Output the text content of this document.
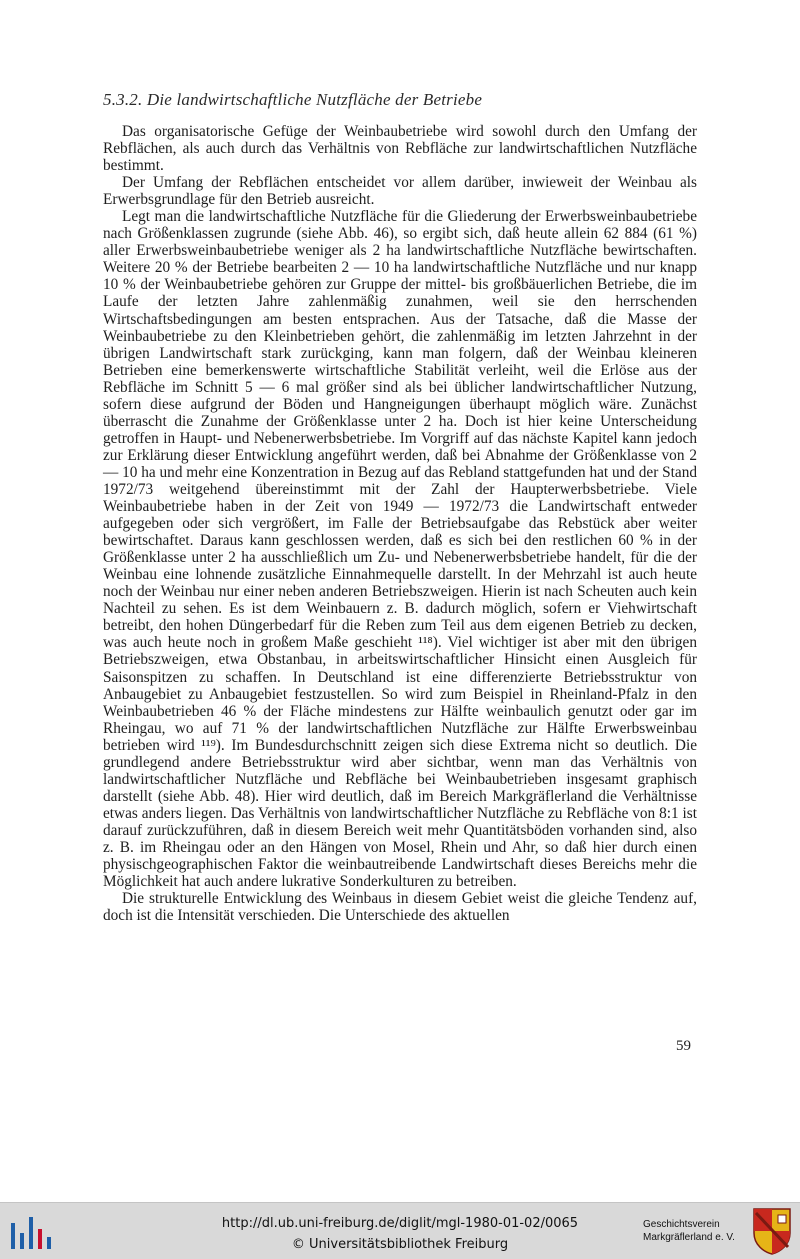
5.3.2. Die landwirtschaftliche Nutzfläche der Betriebe

Das organisatorische Gefüge der Weinbaubetriebe wird sowohl durch den Umfang der Rebflächen, als auch durch das Verhältnis von Rebfläche zur landwirtschaftlichen Nutzfläche bestimmt.

Der Umfang der Rebflächen entscheidet vor allem darüber, inwieweit der Weinbau als Erwerbsgrundlage für den Betrieb ausreicht.

Legt man die landwirtschaftliche Nutzfläche für die Gliederung der Erwerbsweinbaubetriebe nach Größenklassen zugrunde (siehe Abb. 46), so ergibt sich, daß heute allein 62 884 (61 %) aller Erwerbsweinbaubetriebe weniger als 2 ha landwirtschaftliche Nutzfläche bewirtschaften. Weitere 20 % der Betriebe bearbeiten 2 — 10 ha landwirtschaftliche Nutzfläche und nur knapp 10 % der Weinbaubetriebe gehören zur Gruppe der mittel- bis großbäuerlichen Betriebe, die im Laufe der letzten Jahre zahlenmäßig zunahmen, weil sie den herrschenden Wirtschaftsbedingungen am besten entsprachen. Aus der Tatsache, daß die Masse der Weinbaubetriebe zu den Kleinbetrieben gehört, die zahlenmäßig im letzten Jahrzehnt in der übrigen Landwirtschaft stark zurückging, kann man folgern, daß der Weinbau kleineren Betrieben eine bemerkenswerte wirtschaftliche Stabilität verleiht, weil die Erlöse aus der Rebfläche im Schnitt 5 — 6 mal größer sind als bei üblicher landwirtschaftlicher Nutzung, sofern diese aufgrund der Böden und Hangneigungen überhaupt möglich wäre. Zunächst überrascht die Zunahme der Größenklasse unter 2 ha. Doch ist hier keine Unterscheidung getroffen in Haupt- und Nebenerwerbsbetriebe. Im Vorgriff auf das nächste Kapitel kann jedoch zur Erklärung dieser Entwicklung angeführt werden, daß bei Abnahme der Größenklasse von 2 — 10 ha und mehr eine Konzentration in Bezug auf das Rebland stattgefunden hat und der Stand 1972/73 weitgehend übereinstimmt mit der Zahl der Haupterwerbsbetriebe. Viele Weinbaubetriebe haben in der Zeit von 1949 — 1972/73 die Landwirtschaft entweder aufgegeben oder sich vergrößert, im Falle der Betriebsaufgabe das Rebstück aber weiter bewirtschaftet. Daraus kann geschlossen werden, daß es sich bei den restlichen 60 % in der Größenklasse unter 2 ha ausschließlich um Zu- und Nebenerwerbsbetriebe handelt, für die der Weinbau eine lohnende zusätzliche Einnahmequelle darstellt. In der Mehrzahl ist auch heute noch der Weinbau nur einer neben anderen Betriebszweigen. Hierin ist nach Scheuten auch kein Nachteil zu sehen. Es ist dem Weinbauern z. B. dadurch möglich, sofern er Viehwirtschaft betreibt, den hohen Düngerbedarf für die Reben zum Teil aus dem eigenen Betrieb zu decken, was auch heute noch in großem Maße geschieht ¹¹⁸). Viel wichtiger ist aber mit den übrigen Betriebszweigen, etwa Obstanbau, in arbeitswirtschaftlicher Hinsicht einen Ausgleich für Saisonspitzen zu schaffen. In Deutschland ist eine differenzierte Betriebsstruktur von Anbaugebiet zu Anbaugebiet festzustellen. So wird zum Beispiel in Rheinland-Pfalz in den Weinbaubetrieben 46 % der Fläche mindestens zur Hälfte weinbaulich genutzt oder gar im Rheingau, wo auf 71 % der landwirtschaftlichen Nutzfläche zur Hälfte Erwerbsweinbau betrieben wird ¹¹⁹). Im Bundesdurchschnitt zeigen sich diese Extrema nicht so deutlich. Die grundlegend andere Betriebsstruktur wird aber sichtbar, wenn man das Verhältnis von landwirtschaftlicher Nutzfläche und Rebfläche bei Weinbaubetrieben insgesamt graphisch darstellt (siehe Abb. 48). Hier wird deutlich, daß im Bereich Markgräflerland die Verhältnisse etwas anders liegen. Das Verhältnis von landwirtschaftlicher Nutzfläche zu Rebfläche von 8:1 ist darauf zurückzuführen, daß in diesem Bereich weit mehr Quantitätsböden vorhanden sind, also z. B. im Rheingau oder an den Hängen von Mosel, Rhein und Ahr, so daß hier durch einen physischgeographischen Faktor die weinbautreibende Landwirtschaft dieses Bereichs mehr die Möglichkeit hat auch andere lukrative Sonderkulturen zu betreiben.

Die strukturelle Entwicklung des Weinbaus in diesem Gebiet weist die gleiche Tendenz auf, doch ist die Intensität verschieden. Die Unterschiede des aktuellen

59
http://dl.ub.uni-freiburg.de/diglit/mgl-1980-01-02/0065
© Universitätsbibliothek Freiburg
Geschichtsverein
Markgräflerland e. V.
